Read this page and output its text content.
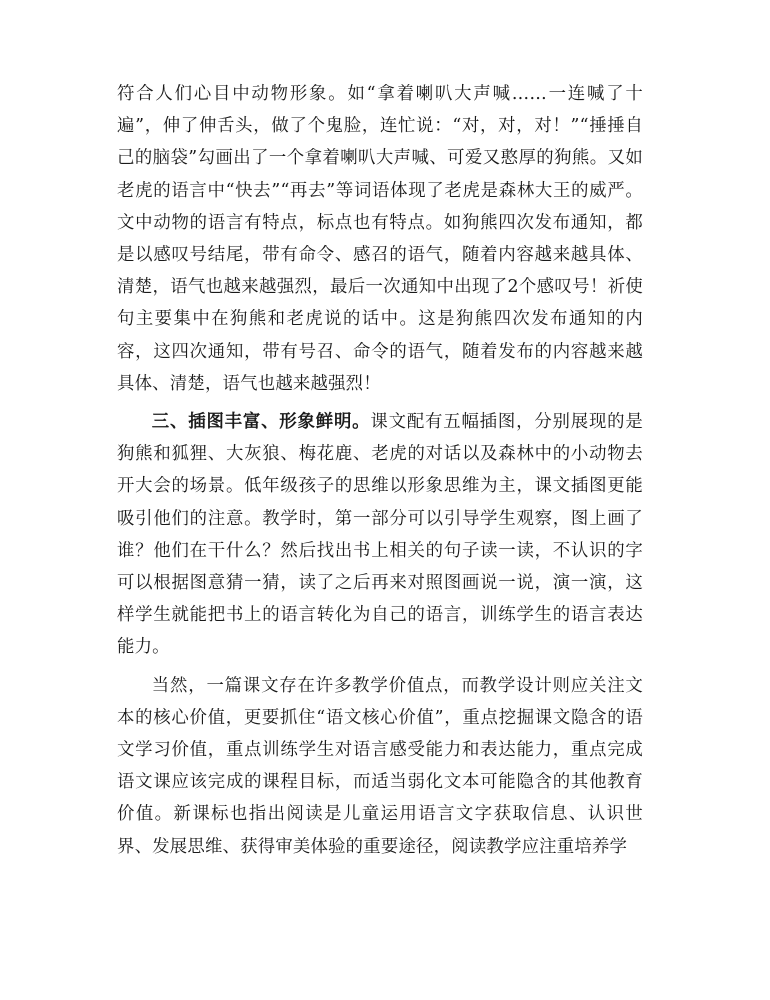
符合人们心目中动物形象。如“拿着喇叭大声喊……一连喊了十遍”，伸了伸舌头，做了个鬼脸，连忙说：“对，对，对！”“捶捶自己的脑袋”勾画出了一个拿着喇叭大声喊、可爱又憨厚的狗熊。又如老虎的语言中“快去”“再去”等词语体现了老虎是森林大王的威严。文中动物的语言有特点，标点也有特点。如狗熊四次发布通知，都是以感叹号结尾，带有命令、感召的语气，随着内容越来越具体、清楚，语气也越来越强烈，最后一次通知中出现了2个感叹号！祈使句主要集中在狗熊和老虎说的话中。这是狗熊四次发布通知的内容，这四次通知，带有号召、命令的语气，随着发布的内容越来越具体、清楚，语气也越来越强烈！

三、插图丰富、形象鲜明。课文配有五幅插图，分别展现的是狗熊和狐狸、大灰狼、梅花鹿、老虎的对话以及森林中的小动物去开大会的场景。低年级孩子的思维以形象思维为主，课文插图更能吸引他们的注意。教学时，第一部分可以引导学生观察，图上画了谁？他们在干什么？然后找出书上相关的句子读一读，不认识的字可以根据图意猜一猜，读了之后再来对照图画说一说，演一演，这样学生就能把书上的语言转化为自己的语言，训练学生的语言表达能力。

当然，一篇课文存在许多教学价值点，而教学设计则应关注文本的核心价值，更要抓住“语文核心价值”，重点挖掘课文隐含的语文学习价值，重点训练学生对语言感受能力和表达能力，重点完成语文课应该完成的课程目标，而适当弱化文本可能隐含的其他教育价值。新课标也指出阅读是儿童运用语言文字获取信息、认识世界、发展思维、获得审美体验的重要途径，阅读教学应注重培养学
